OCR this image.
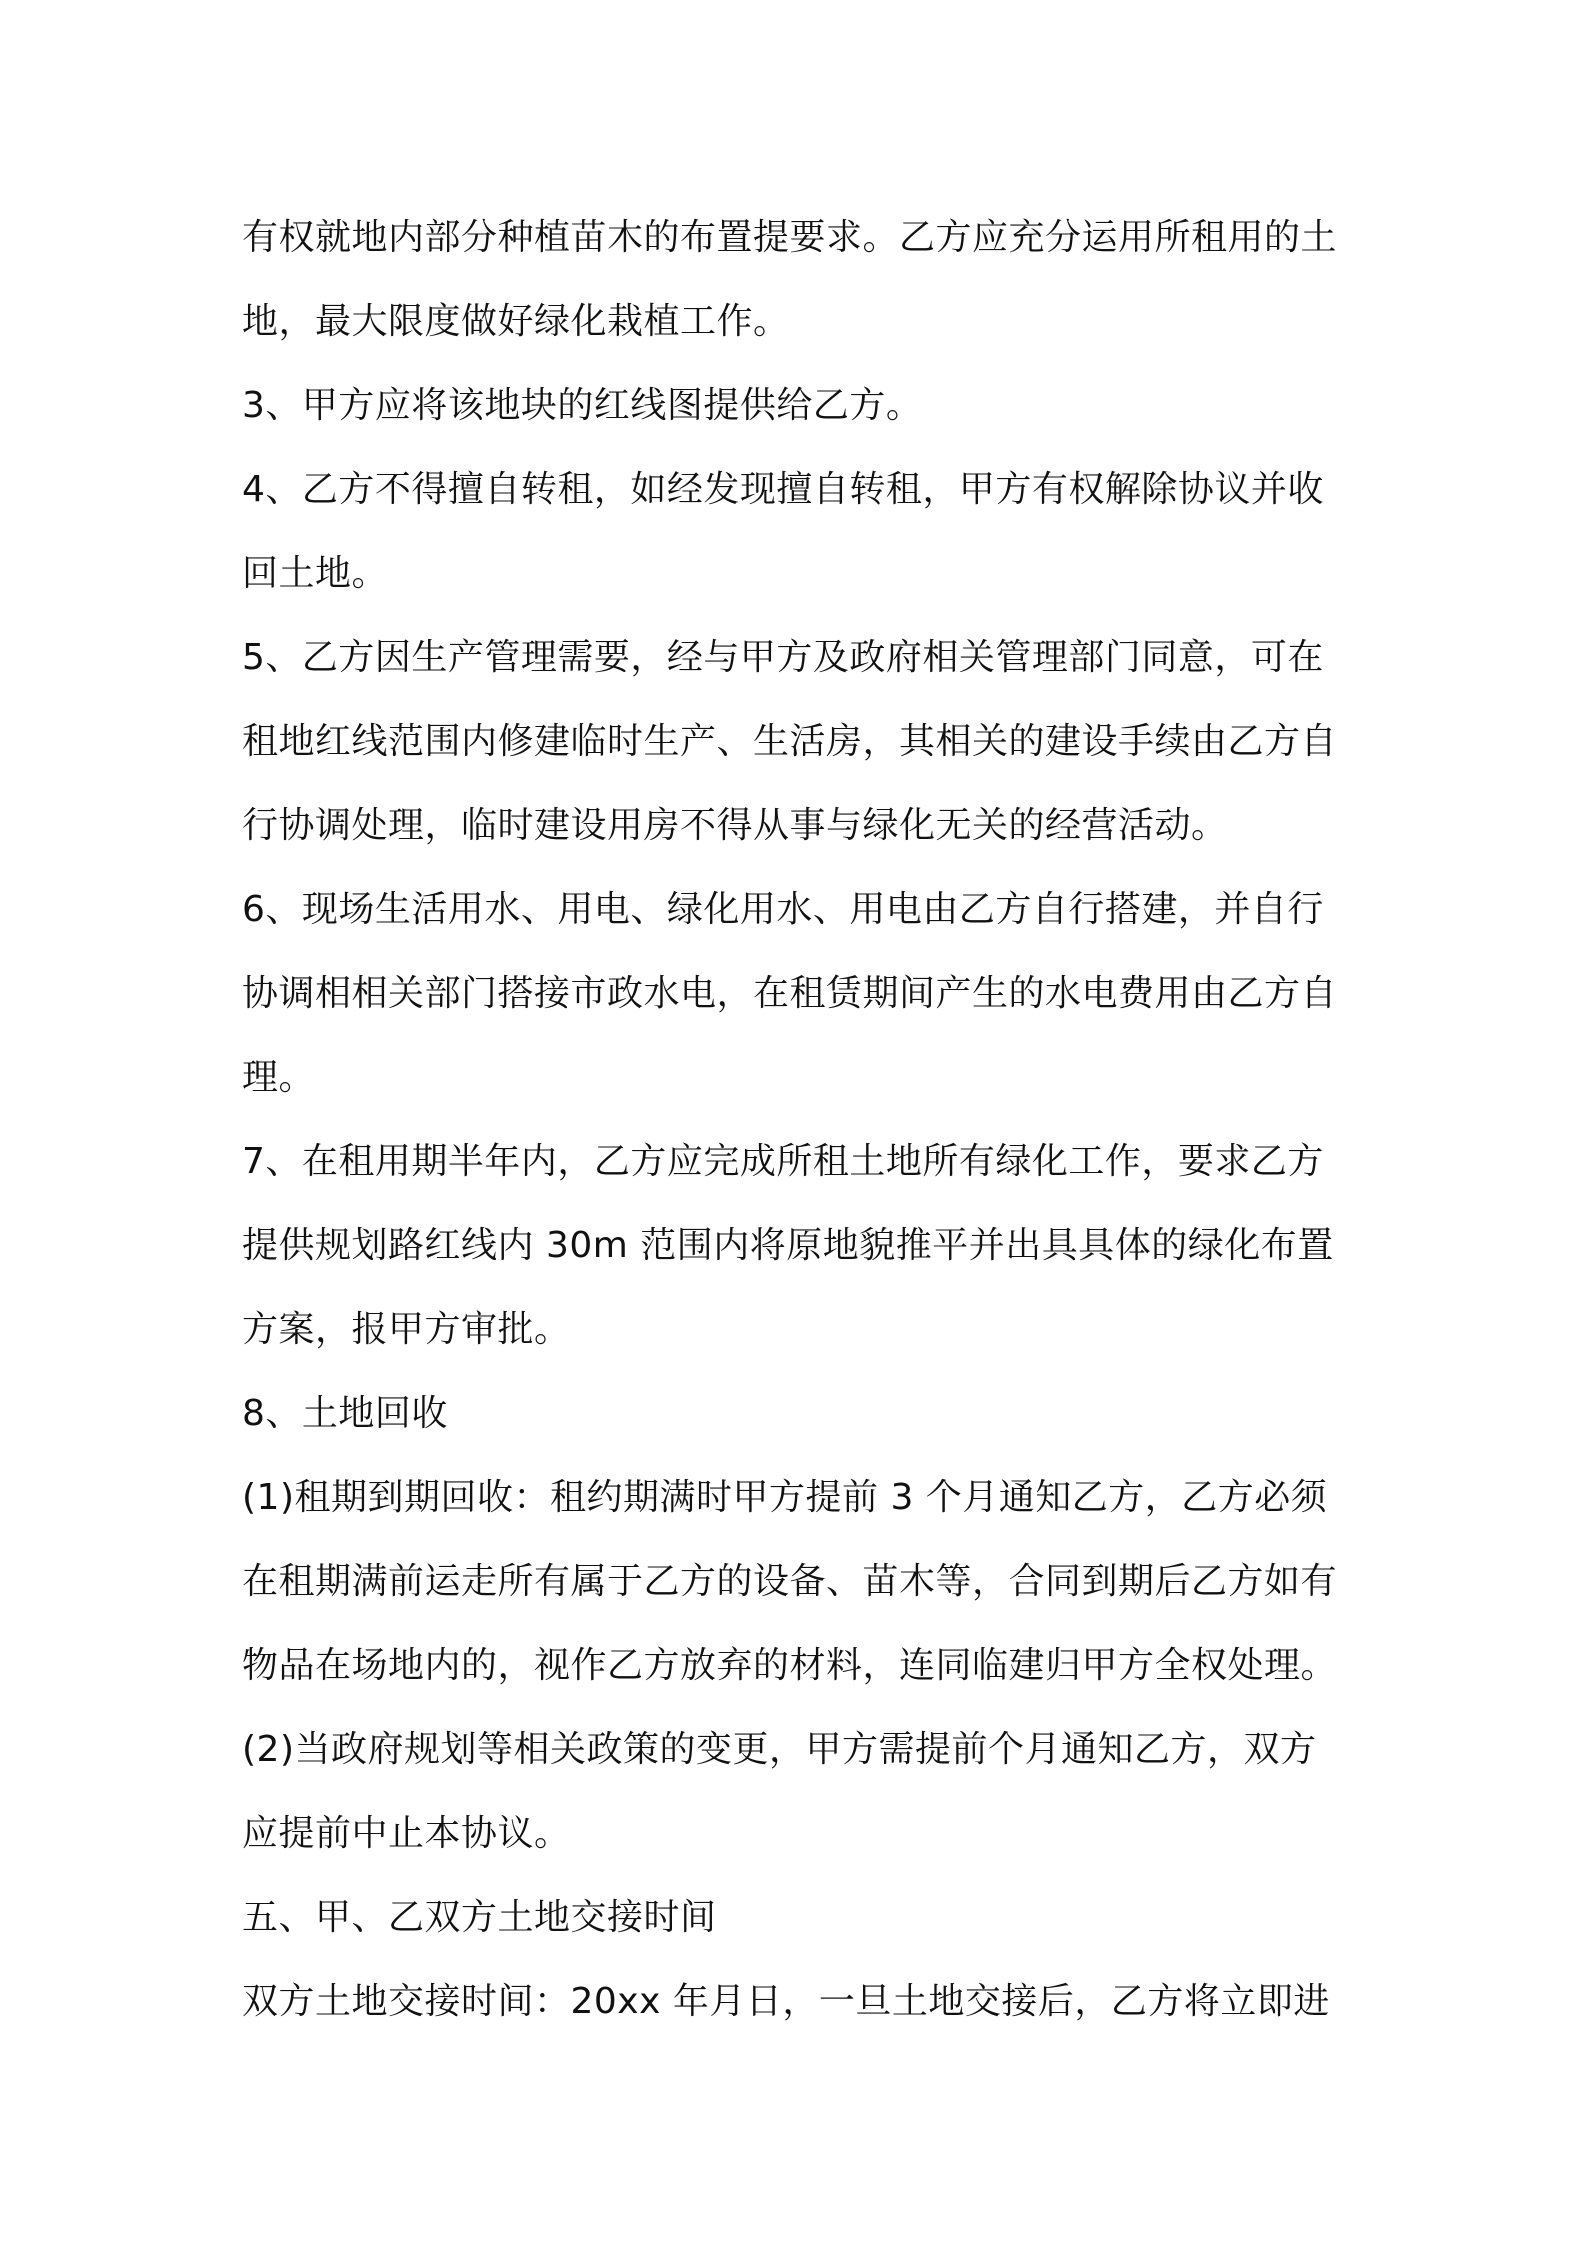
有权就地内部分种植苗木的布置提要求。乙方应充分运用所租用的土
地，最大限度做好绿化栽植工作。
3、甲方应将该地块的红线图提供给乙方。
4、乙方不得擅自转租，如经发现擅自转租，甲方有权解除协议并收
回土地。
5、乙方因生产管理需要，经与甲方及政府相关管理部门同意，可在
租地红线范围内修建临时生产、生活房，其相关的建设手续由乙方自
行协调处理，临时建设用房不得从事与绿化无关的经营活动。
6、现场生活用水、用电、绿化用水、用电由乙方自行搭建，并自行
协调相相关部门搭接市政水电，在租赁期间产生的水电费用由乙方自
理。
7、在租用期半年内，乙方应完成所租土地所有绿化工作，要求乙方
提供规划路红线内 30m 范围内将原地貌推平并出具具体的绿化布置
方案，报甲方审批。
8、土地回收
(1)租期到期回收：租约期满时甲方提前 3 个月通知乙方，乙方必须
在租期满前运走所有属于乙方的设备、苗木等，合同到期后乙方如有
物品在场地内的，视作乙方放弃的材料，连同临建归甲方全权处理。
(2)当政府规划等相关政策的变更，甲方需提前个月通知乙方，双方
应提前中止本协议。
五、甲、乙双方土地交接时间
双方土地交接时间：20xx 年月日，一旦土地交接后，乙方将立即进
